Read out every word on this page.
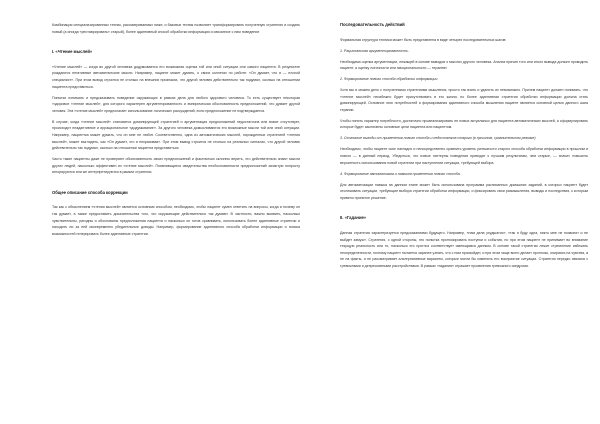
Комбинация специализированных техник, рассматриваемых ниже, и базовых техник позволяет трансформировать полученную стратегию и создать новый (а иногда «реставрировать» старый), более адаптивный способ обработки информации и связанное с ним поведение

I. «Чтение мыслей»

«Чтение мыслей» — когда во другой человека додумывается его возможная оценка той или иной ситуации или самого пациента. В результате рождаются негативные автоматические мысли. Например, пациент может думать, о своих коллегах по работе: «Он думает, что я — плохой специалист». При этом вывод строится не столько на внешних признаках, что другой человек действительно так подумал, сколько на отношении пациента представиться.

Попытки понимать и предсказывать поведение окружающих в рамках дела для любого здорового человека. То есть существует некоторая «здоровое «чтение мыслей», для которого характерен аргументированность и эмпирическая обоснованность предположений, что думает другой человек. Эта «чтение мыслей» предполагает использование логических рассуждений, если предположение не подтверждается.

В случае, когда «чтение мыслей» становится доминирующей стратегией и аргументация предположений недостаточна или вовсе отсутствует, происходит неадаптивное и иррациональное «додумывание». За другого человека домысливаются его возможные мысли той или иной ситуации. Например, пациентка может думать, что он мне не любит. Соответственно, одна из автоматических мыслей, порожденных стратегией «чтения мыслей», может выглядеть, как «Он думает, что я некрасивая». При этом вывод строится не столько на реальных сигналах, что другой человек действительно так подумал, сколько на отношении пациента представиться.

Часто такие пациенты даже не проверяют обоснованность своих предположений и фактически склонны верить, что действительно знают мысли других людей, насколько эффективен их «чтение мыслей». Появляющиеся свидетельства необоснованности предположений зачастую попросту игнорируются или же интерпретируются в рамках стратегии.

Общее описание способа коррекции

Так как с объяснением «чтения мыслей» является основным способом, необходимо, чтобы пациент сумел ответить на вопросы, когда и почему он так думает, а также предоставить доказательства того, что окружающие действительно так думают. В частности, важно выявить, насколько чувствительны, ригидны и обоснованы предположения пациента и насколько он готов сравнивать, использовать более адаптивные стратегии и находить ли за ней своевременно убедительные доводы. Например, формирование адаптивного способа обработки информации и поиска возможностей генерировать более адаптивные стратегии.

Последовательность действий

Формальная структура техники может быть представлена в виде четырех последовательных шагов:

1. Рациональная аргументированность.

Необходима оценка аргументации, лежащей в основе выводов о мыслях другого человека. Анализ причин того или иного вывода должен проводить пациент, а оценку логичности или эмоциональности — терапевт.

2. Формирование нового способа обработки информации.

Хотя мы и можем дело с полученными стратегиями мышления, просто так взять и удалить их невозможно. Причем пациент должен понимать, что «чтение мыслей» неизбежно будет присутствовать в его жизни, но более адаптивная стратегия обработки информации должна стать доминирующей. Основное этих потребностей и формирования адаптивного способа мышления пациент является основной целью данного шага терапии.

Чтобы понять характер потребности, достаточно проанализировать не новых актуальных для пациента автоматических мыслей, а сформулировать которые будет заключены основные цели пациента или пациентом.

3. Осознание выгоды от применения нового способа и недостатков старого (в прошлом, сравнительном режиме)

Необходимо, чтобы пациент смог наглядно и непосредственно сравнить уровень успешности старого способа обработки информации в прошлом и нового — в данный период. Убедиться, что новые паттерны поведения приводят к лучшим результатам, чем старые, — значит, повысить вероятность использования новой стратегии при наступлении ситуации, требующей выбора.

4. Формирование автоматизма и навыков применения нового способа.

Для автоматизации навыка на данном этапе может быть использована программа расписанных домашних заданий, в которых пациент будет отслеживать ситуации, требующие выбора стратегии обработки информации, и фиксировать свои размышления, выводы и последствия, к которым привело принятое решение.

II. «Гадание»

Данная стратегия характеризуется предсказаниями будущего. Например, «нам дела ухудшатся», «так я буду одна, никто мне не позвонит и не выйдет замуж». Стратегия, с одной стороны, это попытка прогнозировать поступки и события, но при этом пациент не принимает во внимание текущую реальность или то, насколько его прогноз соответствует имеющимся данным. В основе такой стратегии лежит стремление избежать неопределенности, поэтому пациент пытается заранее узнать, что с ним произойдет, и при этом чаще всего делает прогнозы, опираясь на чувства, а не на факты, и не рассматривает альтернативные варианты, которые могли бы изменить его восприятие ситуации. Стратегия нередко связана с тревожными и депрессивными расстройствами. В рамках «гадания» отражает проявления тревожного синдрома.
